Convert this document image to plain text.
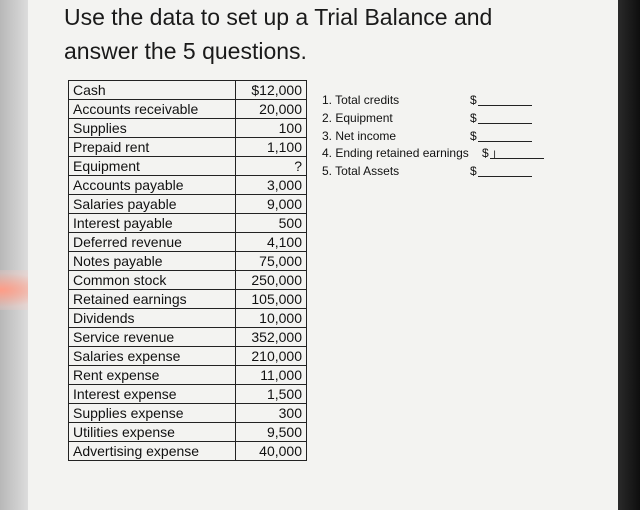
Use the data to set up a Trial Balance and
answer the 5 questions.
Cash	$12,000
Accounts receivable	20,000
Supplies	100
Prepaid rent	1,100
Equipment	?
Accounts payable	3,000
Salaries payable	9,000
Interest payable	500
Deferred revenue	4,100
Notes payable	75,000
Common stock	250,000
Retained earnings	105,000
Dividends	10,000
Service revenue	352,000
Salaries expense	210,000
Rent expense	11,000
Interest expense	1,500
Supplies expense	300
Utilities expense	9,500
Advertising expense	40,000
1. Total credits	$
2. Equipment	$
3. Net income	$
4. Ending retained earnings $ I
5. Total Assets	$
